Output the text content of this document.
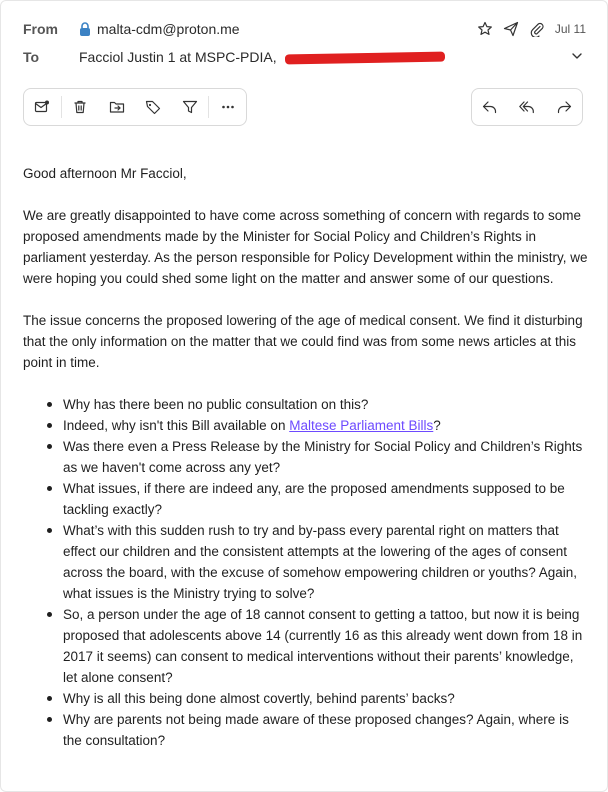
From	malta-cdm@proton.me	Jul 11
To	Facciol Justin 1 at MSPC-PDIA,

Good afternoon Mr Facciol,

We are greatly disappointed to have come across something of concern with regards to some proposed amendments made by the Minister for Social Policy and Children’s Rights in parliament yesterday. As the person responsible for Policy Development within the ministry, we were hoping you could shed some light on the matter and answer some of our questions.

The issue concerns the proposed lowering of the age of medical consent. We find it disturbing that the only information on the matter that we could find was from some news articles at this point in time.

Why has there been no public consultation on this?
Indeed, why isn't this Bill available on Maltese Parliament Bills?
Was there even a Press Release by the Ministry for Social Policy and Children’s Rights as we haven't come across any yet?
What issues, if there are indeed any, are the proposed amendments supposed to be tackling exactly?
What’s with this sudden rush to try and by-pass every parental right on matters that effect our children and the consistent attempts at the lowering of the ages of consent across the board, with the excuse of somehow empowering children or youths? Again, what issues is the Ministry trying to solve?
So, a person under the age of 18 cannot consent to getting a tattoo, but now it is being proposed that adolescents above 14 (currently 16 as this already went down from 18 in 2017 it seems) can consent to medical interventions without their parents’ knowledge, let alone consent?
Why is all this being done almost covertly, behind parents’ backs?
Why are parents not being made aware of these proposed changes? Again, where is the consultation?
